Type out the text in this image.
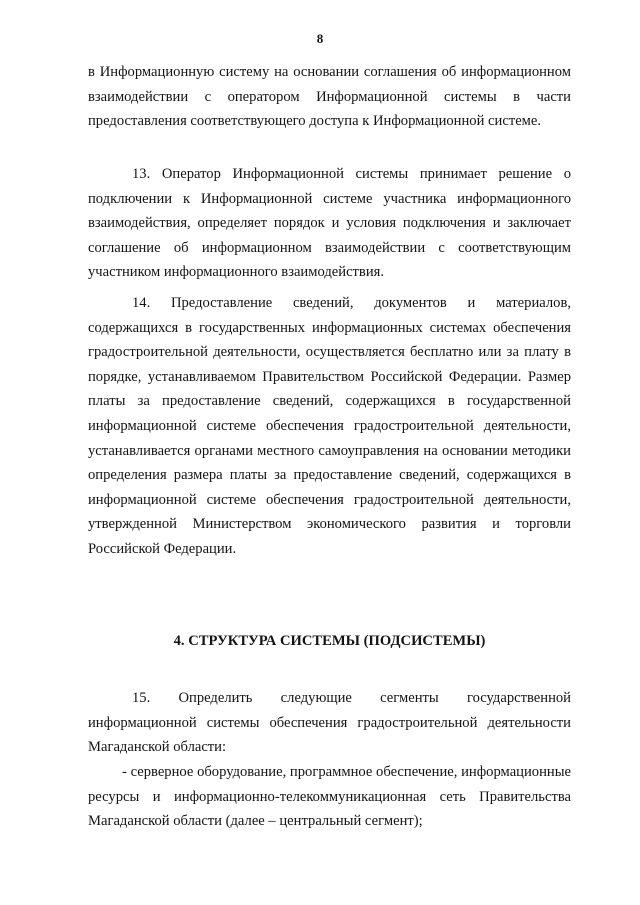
8

в Информационную систему на основании соглашения об информационном взаимодействии с оператором Информационной системы в части предоставления соответствующего доступа к Информационной системе.

13. Оператор Информационной системы принимает решение о подключении к Информационной системе участника информационного взаимодействия, определяет порядок и условия подключения и заключает соглашение об информационном взаимодействии с соответствующим участником информационного взаимодействия.

14. Предоставление сведений, документов и материалов, содержащихся в государственных информационных системах обеспечения градостроительной деятельности, осуществляется бесплатно или за плату в порядке, устанавливаемом Правительством Российской Федерации. Размер платы за предоставление сведений, содержащихся в государственной информационной системе обеспечения градостроительной деятельности, устанавливается органами местного самоуправления на основании методики определения размера платы за предоставление сведений, содержащихся в информационной системе обеспечения градостроительной деятельности, утвержденной Министерством экономического развития и торговли Российской Федерации.

4. СТРУКТУРА СИСТЕМЫ (ПОДСИСТЕМЫ)

15. Определить следующие сегменты государственной информационной системы обеспечения градостроительной деятельности Магаданской области:

- серверное оборудование, программное обеспечение, информационные ресурсы и информационно-телекоммуникационная сеть Правительства Магаданской области (далее – центральный сегмент);
